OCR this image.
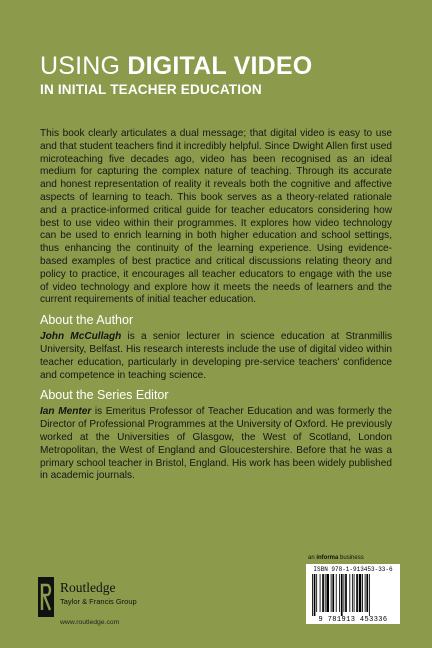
USING DIGITAL VIDEO
IN INITIAL TEACHER EDUCATION

This book clearly articulates a dual message; that digital video is easy to use and that student teachers find it incredibly helpful. Since Dwight Allen first used microteaching five decades ago, video has been recognised as an ideal medium for capturing the complex nature of teaching. Through its accurate and honest representation of reality it reveals both the cognitive and affective aspects of learning to teach. This book serves as a theory-related rationale and a practice-informed critical guide for teacher educators considering how best to use video within their programmes. It explores how video technology can be used to enrich learning in both higher education and school settings, thus enhancing the continuity of the learning experience. Using evidence-based examples of best practice and critical discussions relating theory and policy to practice, it encourages all teacher educators to engage with the use of video technology and explore how it meets the needs of learners and the current requirements of initial teacher education.

About the Author

John McCullagh is a senior lecturer in science education at Stranmillis University, Belfast. His research interests include the use of digital video within teacher education, particularly in developing pre-service teachers' confidence and competence in teaching science.

About the Series Editor

Ian Menter is Emeritus Professor of Teacher Education and was formerly the Director of Professional Programmes at the University of Oxford. He previously worked at the Universities of Glasgow, the West of Scotland, London Metropolitan, the West of England and Gloucestershire. Before that he was a primary school teacher in Bristol, England. His work has been widely published in academic journals.

Routledge
Taylor & Francis Group
www.routledge.com
an informa business
ISBN 978-1-913453-33-6
9 781913 453336
